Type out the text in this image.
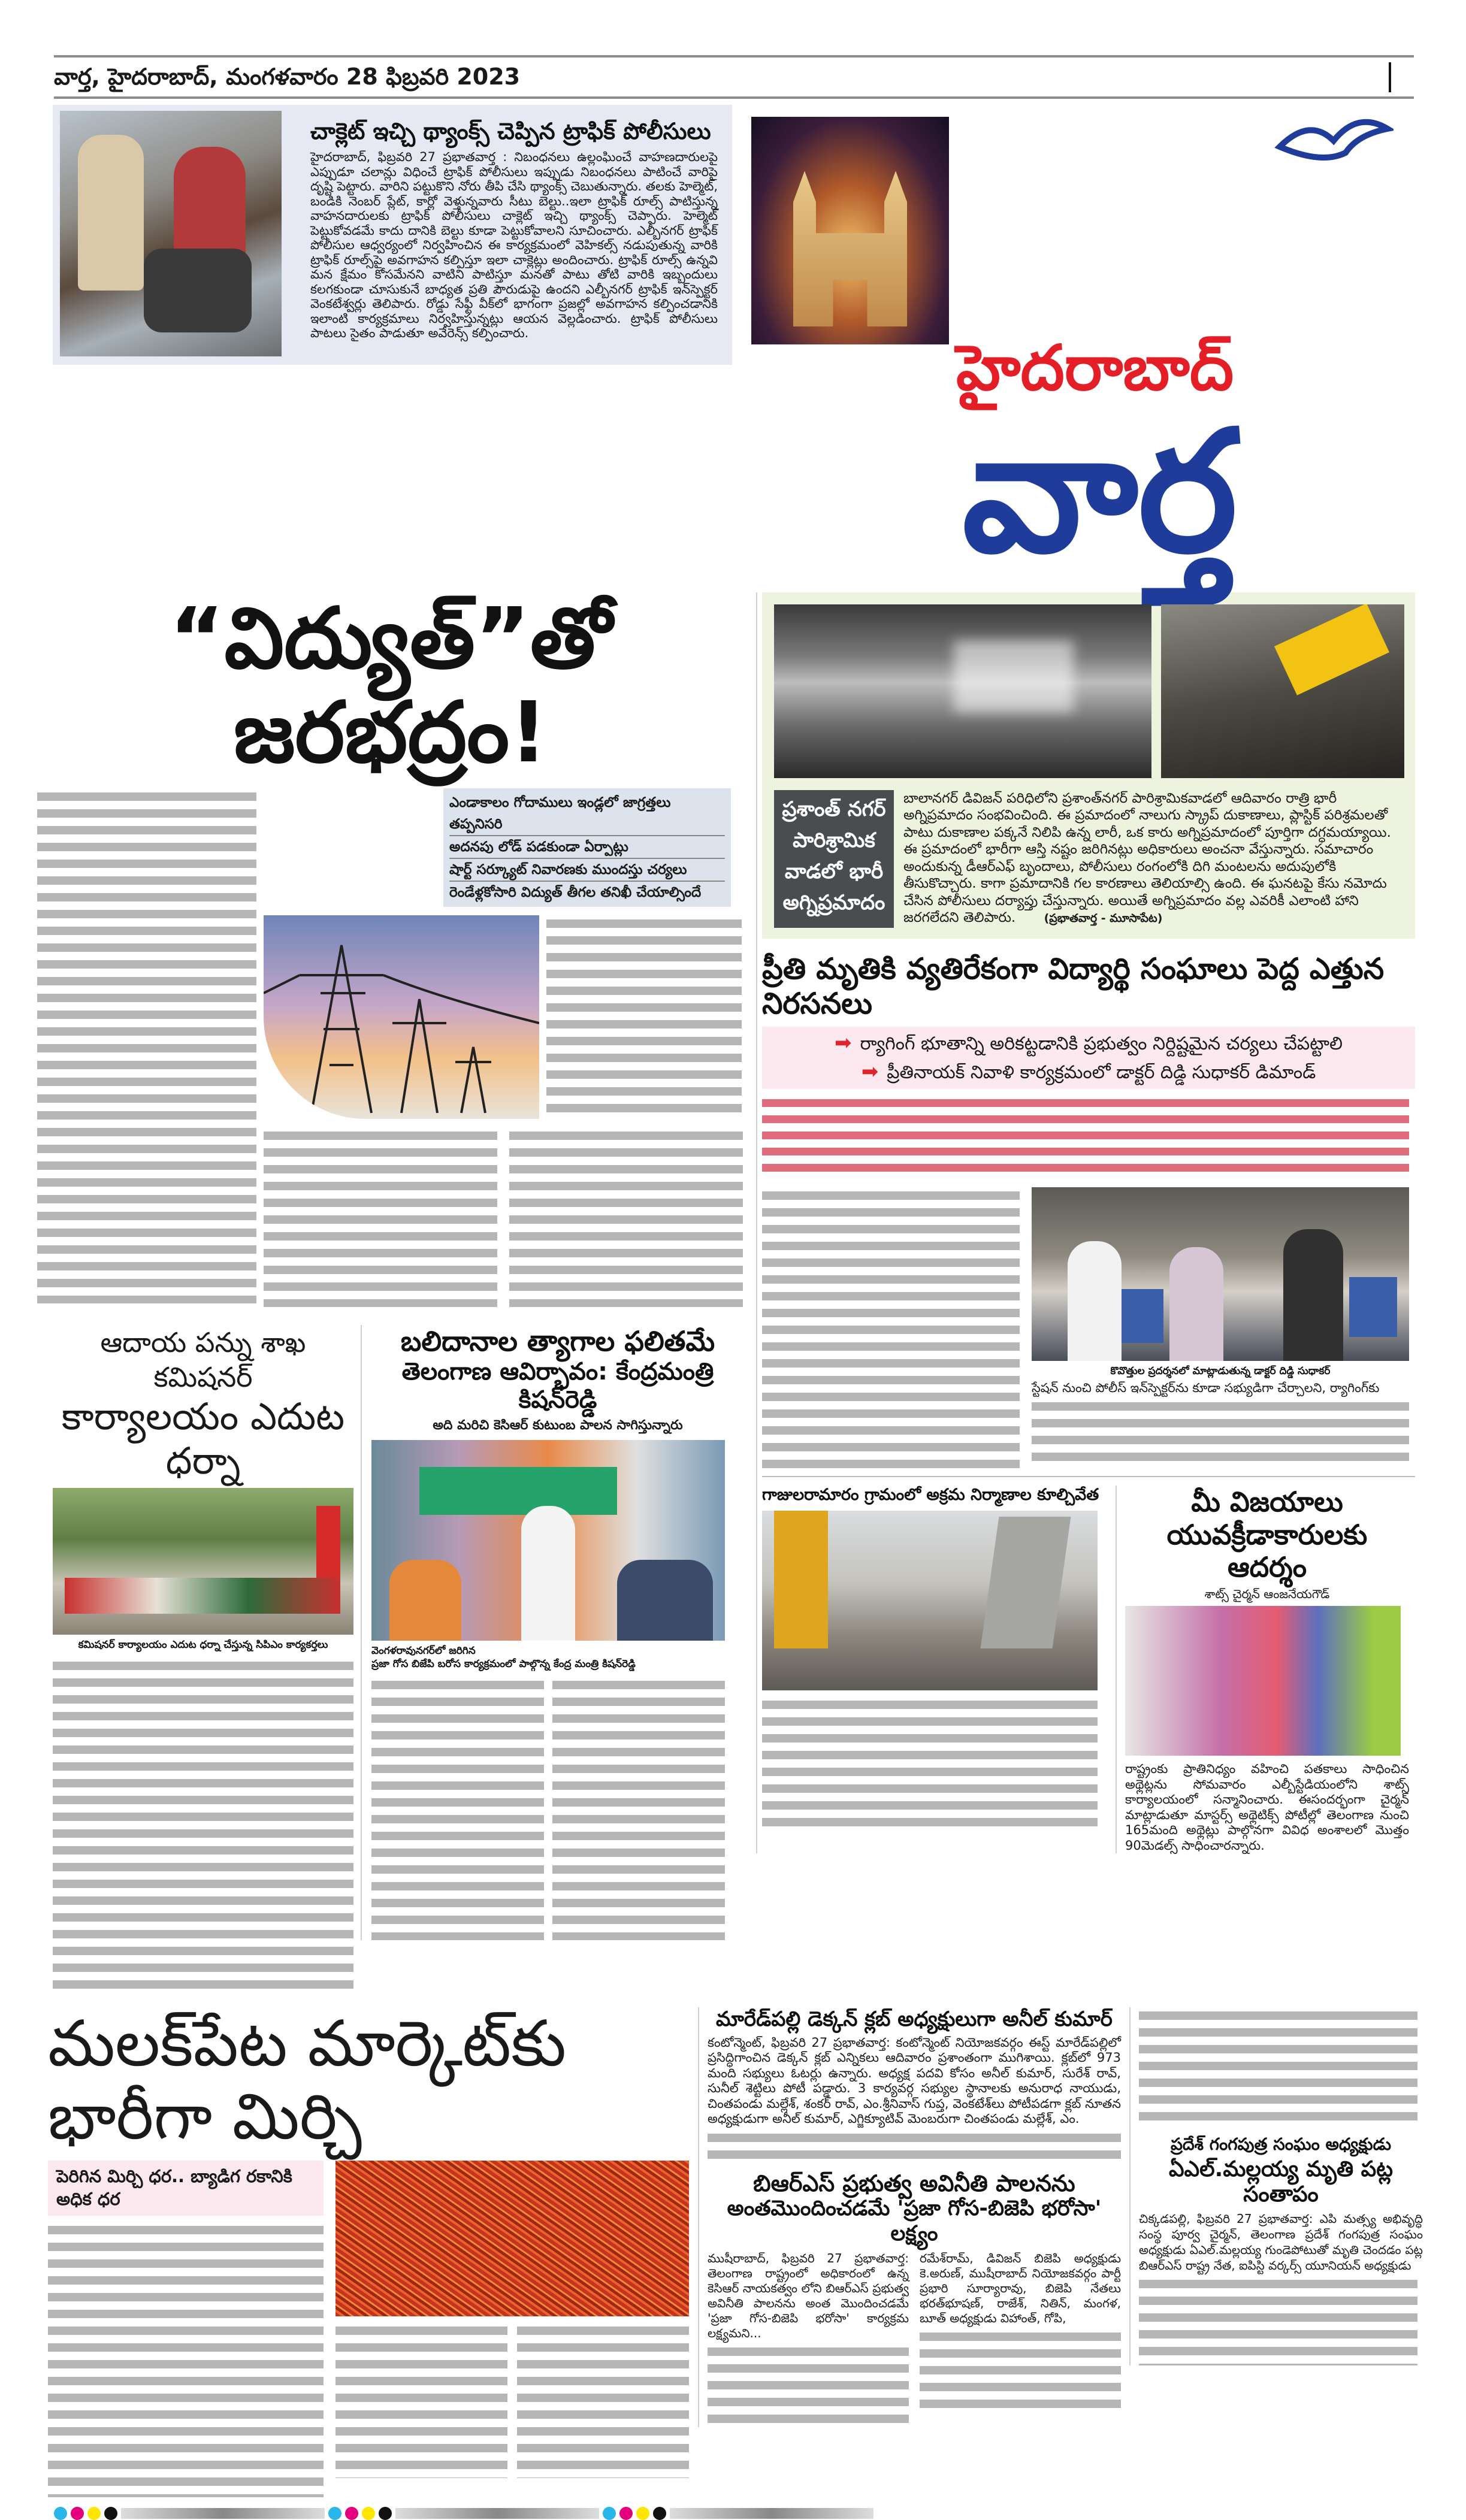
వార్త, హైదరాబాద్, మంగళవారం 28 ఫిబ్రవరి 2023
చాక్లెట్ ఇచ్చి థ్యాంక్స్ చెప్పిన ట్రాఫిక్ పోలీసులు
హైదరాబాద్, ఫిబ్రవరి 27 ప్రభాతవార్త : నిబంధనలు ఉల్లంఘించే వాహణదారులపై ఎప్పుడూ చలాన్లు విధించే ట్రాఫిక్ పోలీసులు ఇప్పుడు నిబంధనలు పాటించే వారిపై దృష్టి పెట్టారు. వారిని పట్టుకొని నోరు తీపి చేసి థ్యాంక్స్ చెబుతున్నారు. తలకు హెల్మెట్, బండికి నెంబర్ ప్లేట్, కార్లో వెళ్తున్నవారు సీటు బెల్టు..ఇలా ట్రాఫిక్ రూల్స్ పాటిస్తున్న వాహనదారులకు ట్రాఫిక్ పోలీసులు చాక్లెట్ ఇచ్చి థ్యాంక్స్ చెప్పారు. హెల్మెట్ పెట్టుకోవడమే కాదు దానికి బెల్టు కూడా పెట్టుకోవాలని సూచించారు. ఎల్బీనగర్ ట్రాఫిక్ పోలీసుల ఆధ్వర్యంలో నిర్వహించిన ఈ కార్యక్రమంలో వెహికల్స్ నడుపుతున్న వారికి ట్రాఫిక్ రూల్స్‌పై అవగాహన కల్పిస్తూ ఇలా చాక్లెట్లు అందించారు. ట్రాఫిక్ రూల్స్ ఉన్నవి మన క్షేమం కోసమేనని వాటిని పాటిస్తూ మనతో పాటు తోటి వారికి ఇబ్బందులు కలగకుండా చూసుకునే బాధ్యత ప్రతి పౌరుడుపై ఉందని ఎల్బీనగర్ ట్రాఫిక్ ఇన్‌స్పెక్టర్ వెంకటేశ్వర్లు తెలిపారు. రోడ్డు సేఫ్టీ వీక్‌లో భాగంగా ప్రజల్లో అవగాహన కల్పించడానికి ఇలాంటి కార్యక్రమాలు నిర్వహిస్తున్నట్లు ఆయన వెల్లడించారు. ట్రాఫిక్ పోలీసులు పాటలు సైతం పాడుతూ అవేరెన్స్ కల్పించారు.	హైదరాబాద్
వార్త
“విద్యుత్”తో జరభద్రం!
ఎండాకాలం గోదాములు ఇండ్లలో జాగ్రత్తలు తప్పనిసరి
అదనపు లోడ్ పడకుండా ఏర్పాట్లు
షార్ట్ సర్క్యూట్ నివారణకు ముందస్తు చర్యలు
రెండేళ్లకోసారి విద్యుత్ తీగల తనిఖీ చేయాల్సిందే
ఆదాయ పన్ను శాఖ కమిషనర్
కార్యాలయం ఎదుట ధర్నా
కమిషనర్ కార్యాలయం ఎదుట ధర్నా చేస్తున్న సిపిఎం కార్యకర్తలు
బలిదానాల త్యాగాల ఫలితమే
తెలంగాణ ఆవిర్భావం: కేంద్రమంత్రి కిషన్‌రెడ్డి
అది మరిచి కెసిఆర్ కుటుంబ పాలన సాగిస్తున్నారు
వెంగళరావునగర్‌లో జరిగిన
ప్రజా గోస బిజేపి బరోస కార్యక్రమంలో పాల్గొన్న కేంద్ర మంత్రి కిషన్‌రెడ్డి
ప్రశాంత్ నగర్ పారిశ్రామిక వాడలో భారీ అగ్నిప్రమాదం
బాలానగర్ డివిజన్ పరిధిలోని ప్రశాంత్‌నగర్ పారిశ్రామికవాడలో ఆదివారం రాత్రి భారీ అగ్నిప్రమాదం సంభవించింది. ఈ ప్రమాదంలో నాలుగు స్క్రాప్ దుకాణాలు, ప్లాస్టిక్ పరిశ్రమలతో పాటు దుకాణాల పక్కనే నిలిపి ఉన్న లారీ, ఒక కారు అగ్నిప్రమాదంలో పూర్తిగా దగ్ధమయ్యాయి. ఈ ప్రమాదంలో భారీగా ఆస్తి నష్టం జరిగినట్లు అధికారులు అంచనా వేస్తున్నారు. సమాచారం అందుకున్న డీఆర్ఎఫ్ బృందాలు, పోలీసులు రంగంలోకి దిగి మంటలను అదుపులోకి తీసుకొచ్చారు. కాగా ప్రమాదానికి గల కారణాలు తెలియాల్సి ఉంది. ఈ ఘనటపై కేసు నమోదు చేసిన పోలీసులు దర్యాప్తు చేస్తున్నారు. అయితే అగ్నిప్రమాదం వల్ల ఎవరికీ ఎలాంటి హాని జరగలేదని తెలిపారు. (ప్రభాతవార్త - మూసాపేట)
ప్రీతి మృతికి వ్యతిరేకంగా విద్యార్థి సంఘాలు పెద్ద ఎత్తున నిరసనలు
➡ ర్యాగింగ్ భూతాన్ని అరికట్టడానికి ప్రభుత్వం నిర్దిష్టమైన చర్యలు చేపట్టాలి
➡ ప్రీతినాయక్ నివాళి కార్యక్రమంలో డాక్టర్ దిడ్డి సుధాకర్ డిమాండ్
కొవొత్తుల ప్రదర్శనలో మాట్లాడుతున్న డాక్టర్ దిడ్డి సుధాకర్
స్టేషన్ నుంచి పోలీస్ ఇన్‌స్పెక్టర్‌ను కూడా సభ్యుడిగా చేర్చాలని, ర్యాగింగ్‌కు
గాజులరామారం గ్రామంలో అక్రమ నిర్మాణాల కూల్చివేత	మీ విజయాలు
యువక్రీడాకారులకు ఆదర్శం
శాట్స్ చైర్మన్ ఆంజనేయగౌడ్
రాష్ట్రంకు ప్రాతినిధ్యం వహించి పతకాలు సాధించిన అథ్లెట్లను సోమవారం ఎల్బీస్టేడియంలోని శాట్స్ కార్యాలయంలో సన్మానించారు. ఈసందర్భంగా చైర్మన్ మాట్లాడుతూ మాస్టర్స్ అథ్లెటిక్స్ పోటీల్లో తెలంగాణ నుంచి 165మంది అథ్లెట్లు పాల్గొనగా వివిధ అంశాలలో మొత్తం 90మెడల్స్ సాధించారన్నారు.
మలక్‌పేట మార్కెట్‌కు భారీగా మిర్చి
పెరిగిన మిర్చి ధర.. బ్యాడిగ రకానికి అధిక ధర
మారేడ్‌పల్లి డెక్కన్ క్లబ్ అధ్యక్షులుగా అనీల్ కుమార్
కంటోన్మెంట్, ఫిబ్రవరి 27 ప్రభాతవార్త: కంటోన్మెంట్ నియోజకవర్గం ఈస్ట్ మారేడ్‌పల్లిలో ప్రసిద్ధిగాంచిన డెక్కన్ క్లబ్ ఎన్నికలు ఆదివారం ప్రశాంతంగా ముగిశాయి. క్లబ్‌లో 973 మంది సభ్యులు ఓటర్లు ఉన్నారు. అధ్యక్ష పదవి కోసం అనీల్ కుమార్, సురేశ్ రావ్, సునీల్ శెట్టిలు పోటీ పడ్డారు. 3 కార్యవర్గ సభ్యుల స్థానాలకు అనురాధ నాయుడు, చింతపండు మల్లేశ్, శంకర్ రావ్, ఎం.శ్రీనివాస్ గుప్త, వెంకటేశ్‌లు పోటీపడగా క్లబ్ నూతన అధ్యక్షుడుగా అనీల్ కుమార్, ఎగ్జిక్యూటివ్ మెంబరుగా చింతపండు మల్లేశ్, ఎం.
బిఆర్ఎస్ ప్రభుత్వ అవినీతి పాలనను
అంతమొందించడమే 'ప్రజా గోస-బిజెపి భరోసా' లక్ష్యం
ముషీరాబాద్, ఫిబ్రవరి 27 ప్రభాతవార్త: తెలంగాణ రాష్ట్రంలో అధికారంలో ఉన్న కెసిఆర్ నాయకత్వం లోని బిఆర్ఎస్ ప్రభుత్వ అవినీతి పాలనను అంత మొందించడమే 'ప్రజా గోస-బిజెపి భరోసా' కార్యక్రమ లక్ష్యమని...
రమేశ్‌రామ్, డివిజన్ బిజెపి అధ్యక్షుడు కె.అరుణ్, ముషీరాబాద్ నియోజకవర్గం పార్టీ ప్రభారి సూర్యారావు, బిజెపి నేతలు భరత్‌భూషణ్, రాజేశ్, నితిన్, మంగళ, బూత్ అధ్యక్షుడు విహాంత్, గోపి,
ప్రదేశ్ గంగపుత్ర సంఘం అధ్యక్షుడు
ఏఎల్.మల్లయ్య మృతి పట్ల సంతాపం
చిక్కడపల్లి, ఫిబ్రవరి 27 ప్రభాతవార్త: ఎపి మత్స్య అభివృద్ధి సంస్థ పూర్వ చైర్మన్, తెలంగాణ ప్రదేశ్ గంగపుత్ర సంఘం అధ్యక్షుడు ఏఎల్.మల్లయ్య గుండెపోటుతో మృతి చెందడం పట్ల బిఆర్ఎస్ రాష్ట్ర నేత, ఐపిస్టి వర్కర్స్ యూనియన్ అధ్యక్షుడు
